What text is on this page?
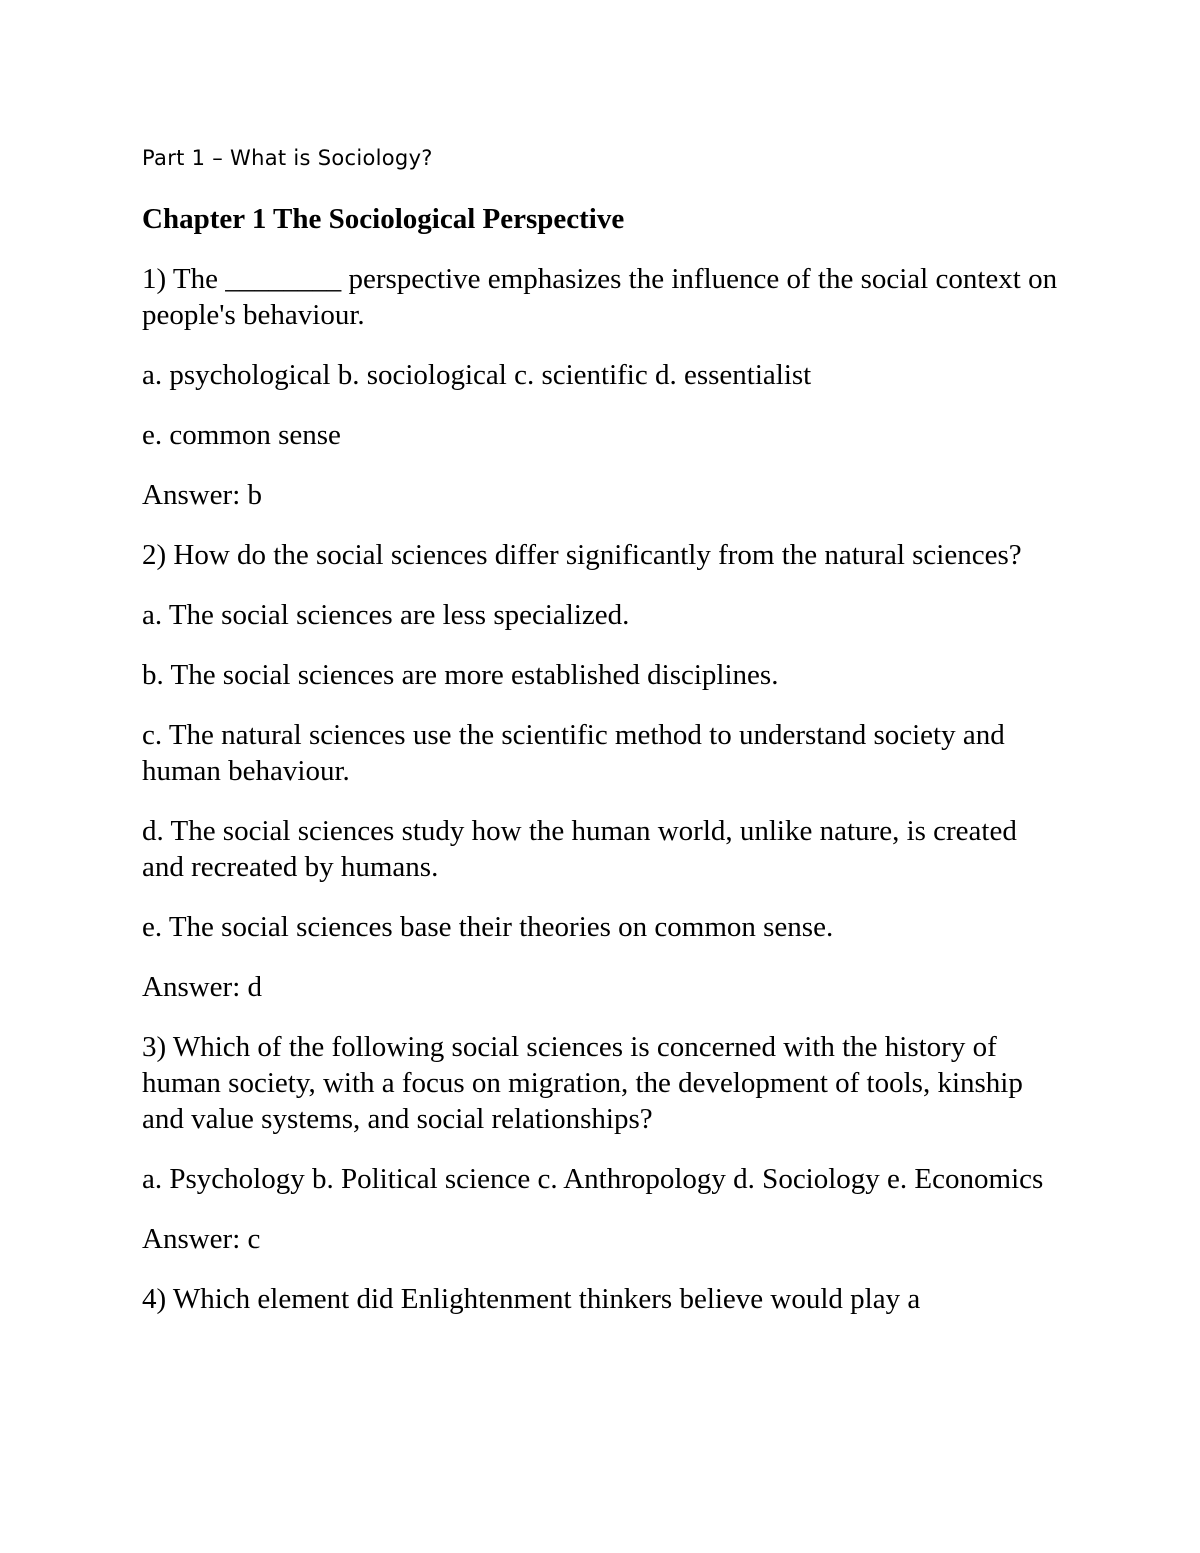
Part 1 – What is Sociology?
Chapter 1 The Sociological Perspective
1) The ________ perspective emphasizes the influence of the social context on people's behaviour.
a. psychological b. sociological c. scientific d. essentialist
e. common sense
Answer: b
2) How do the social sciences differ significantly from the natural sciences?
a. The social sciences are less specialized.
b. The social sciences are more established disciplines.
c. The natural sciences use the scientific method to understand society and human behaviour.
d. The social sciences study how the human world, unlike nature, is created and recreated by humans.
e. The social sciences base their theories on common sense.
Answer: d
3) Which of the following social sciences is concerned with the history of human society, with a focus on migration, the development of tools, kinship and value systems, and social relationships?
a. Psychology b. Political science c. Anthropology d. Sociology e. Economics
Answer: c
4) Which element did Enlightenment thinkers believe would play a
